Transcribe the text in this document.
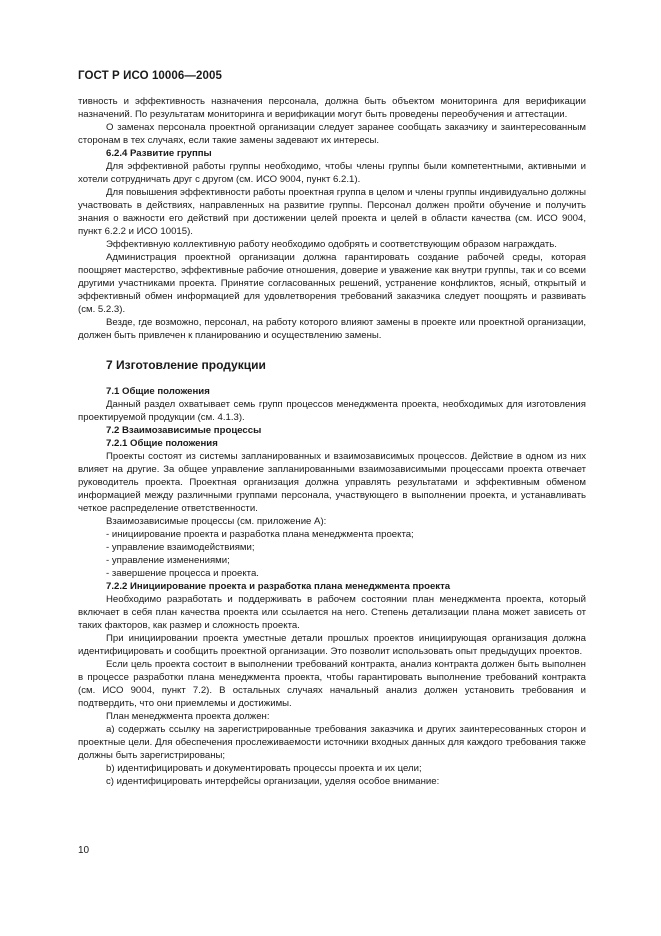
ГОСТ Р ИСО 10006—2005

тивность и эффективность назначения персонала, должна быть объектом мониторинга для верификации назначений. По результатам мониторинга и верификации могут быть проведены переобучения и аттестации.

О заменах персонала проектной организации следует заранее сообщать заказчику и заинтересованным сторонам в тех случаях, если такие замены задевают их интересы.

6.2.4 Развитие группы

Для эффективной работы группы необходимо, чтобы члены группы были компетентными, активными и хотели сотрудничать друг с другом (см. ИСО 9004, пункт 6.2.1).

Для повышения эффективности работы проектная группа в целом и члены группы индивидуально должны участвовать в действиях, направленных на развитие группы. Персонал должен пройти обучение и получить знания о важности его действий при достижении целей проекта и целей в области качества (см. ИСО 9004, пункт 6.2.2 и ИСО 10015).

Эффективную коллективную работу необходимо одобрять и соответствующим образом награждать.

Администрация проектной организации должна гарантировать создание рабочей среды, которая поощряет мастерство, эффективные рабочие отношения, доверие и уважение как внутри группы, так и со всеми другими участниками проекта. Принятие согласованных решений, устранение конфликтов, ясный, открытый и эффективный обмен информацией для удовлетворения требований заказчика следует поощрять и развивать (см. 5.2.3).

Везде, где возможно, персонал, на работу которого влияют замены в проекте или проектной организации, должен быть привлечен к планированию и осуществлению замены.

7 Изготовление продукции

7.1 Общие положения

Данный раздел охватывает семь групп процессов менеджмента проекта, необходимых для изготовления проектируемой продукции (см. 4.1.3).

7.2 Взаимозависимые процессы

7.2.1 Общие положения

Проекты состоят из системы запланированных и взаимозависимых процессов. Действие в одном из них влияет на другие. За общее управление запланированными взаимозависимыми процессами проекта отвечает руководитель проекта. Проектная организация должна управлять результатами и эффективным обменом информацией между различными группами персонала, участвующего в выполнении проекта, и устанавливать четкое распределение ответственности.

Взаимозависимые процессы (см. приложение А):

- инициирование проекта и разработка плана менеджмента проекта;

- управление взаимодействиями;

- управление изменениями;

- завершение процесса и проекта.

7.2.2 Инициирование проекта и разработка плана менеджмента проекта

Необходимо разработать и поддерживать в рабочем состоянии план менеджмента проекта, который включает в себя план качества проекта или ссылается на него. Степень детализации плана может зависеть от таких факторов, как размер и сложность проекта.

При инициировании проекта уместные детали прошлых проектов инициирующая организация должна идентифицировать и сообщить проектной организации. Это позволит использовать опыт предыдущих проектов.

Если цель проекта состоит в выполнении требований контракта, анализ контракта должен быть выполнен в процессе разработки плана менеджмента проекта, чтобы гарантировать выполнение требований контракта (см. ИСО 9004, пункт 7.2). В остальных случаях начальный анализ должен установить требования и подтвердить, что они приемлемы и достижимы.

План менеджмента проекта должен:

а) содержать ссылку на зарегистрированные требования заказчика и других заинтересованных сторон и проектные цели. Для обеспечения прослеживаемости источники входных данных для каждого требования также должны быть зарегистрированы;

b) идентифицировать и документировать процессы проекта и их цели;

c) идентифицировать интерфейсы организации, уделяя особое внимание:

10
